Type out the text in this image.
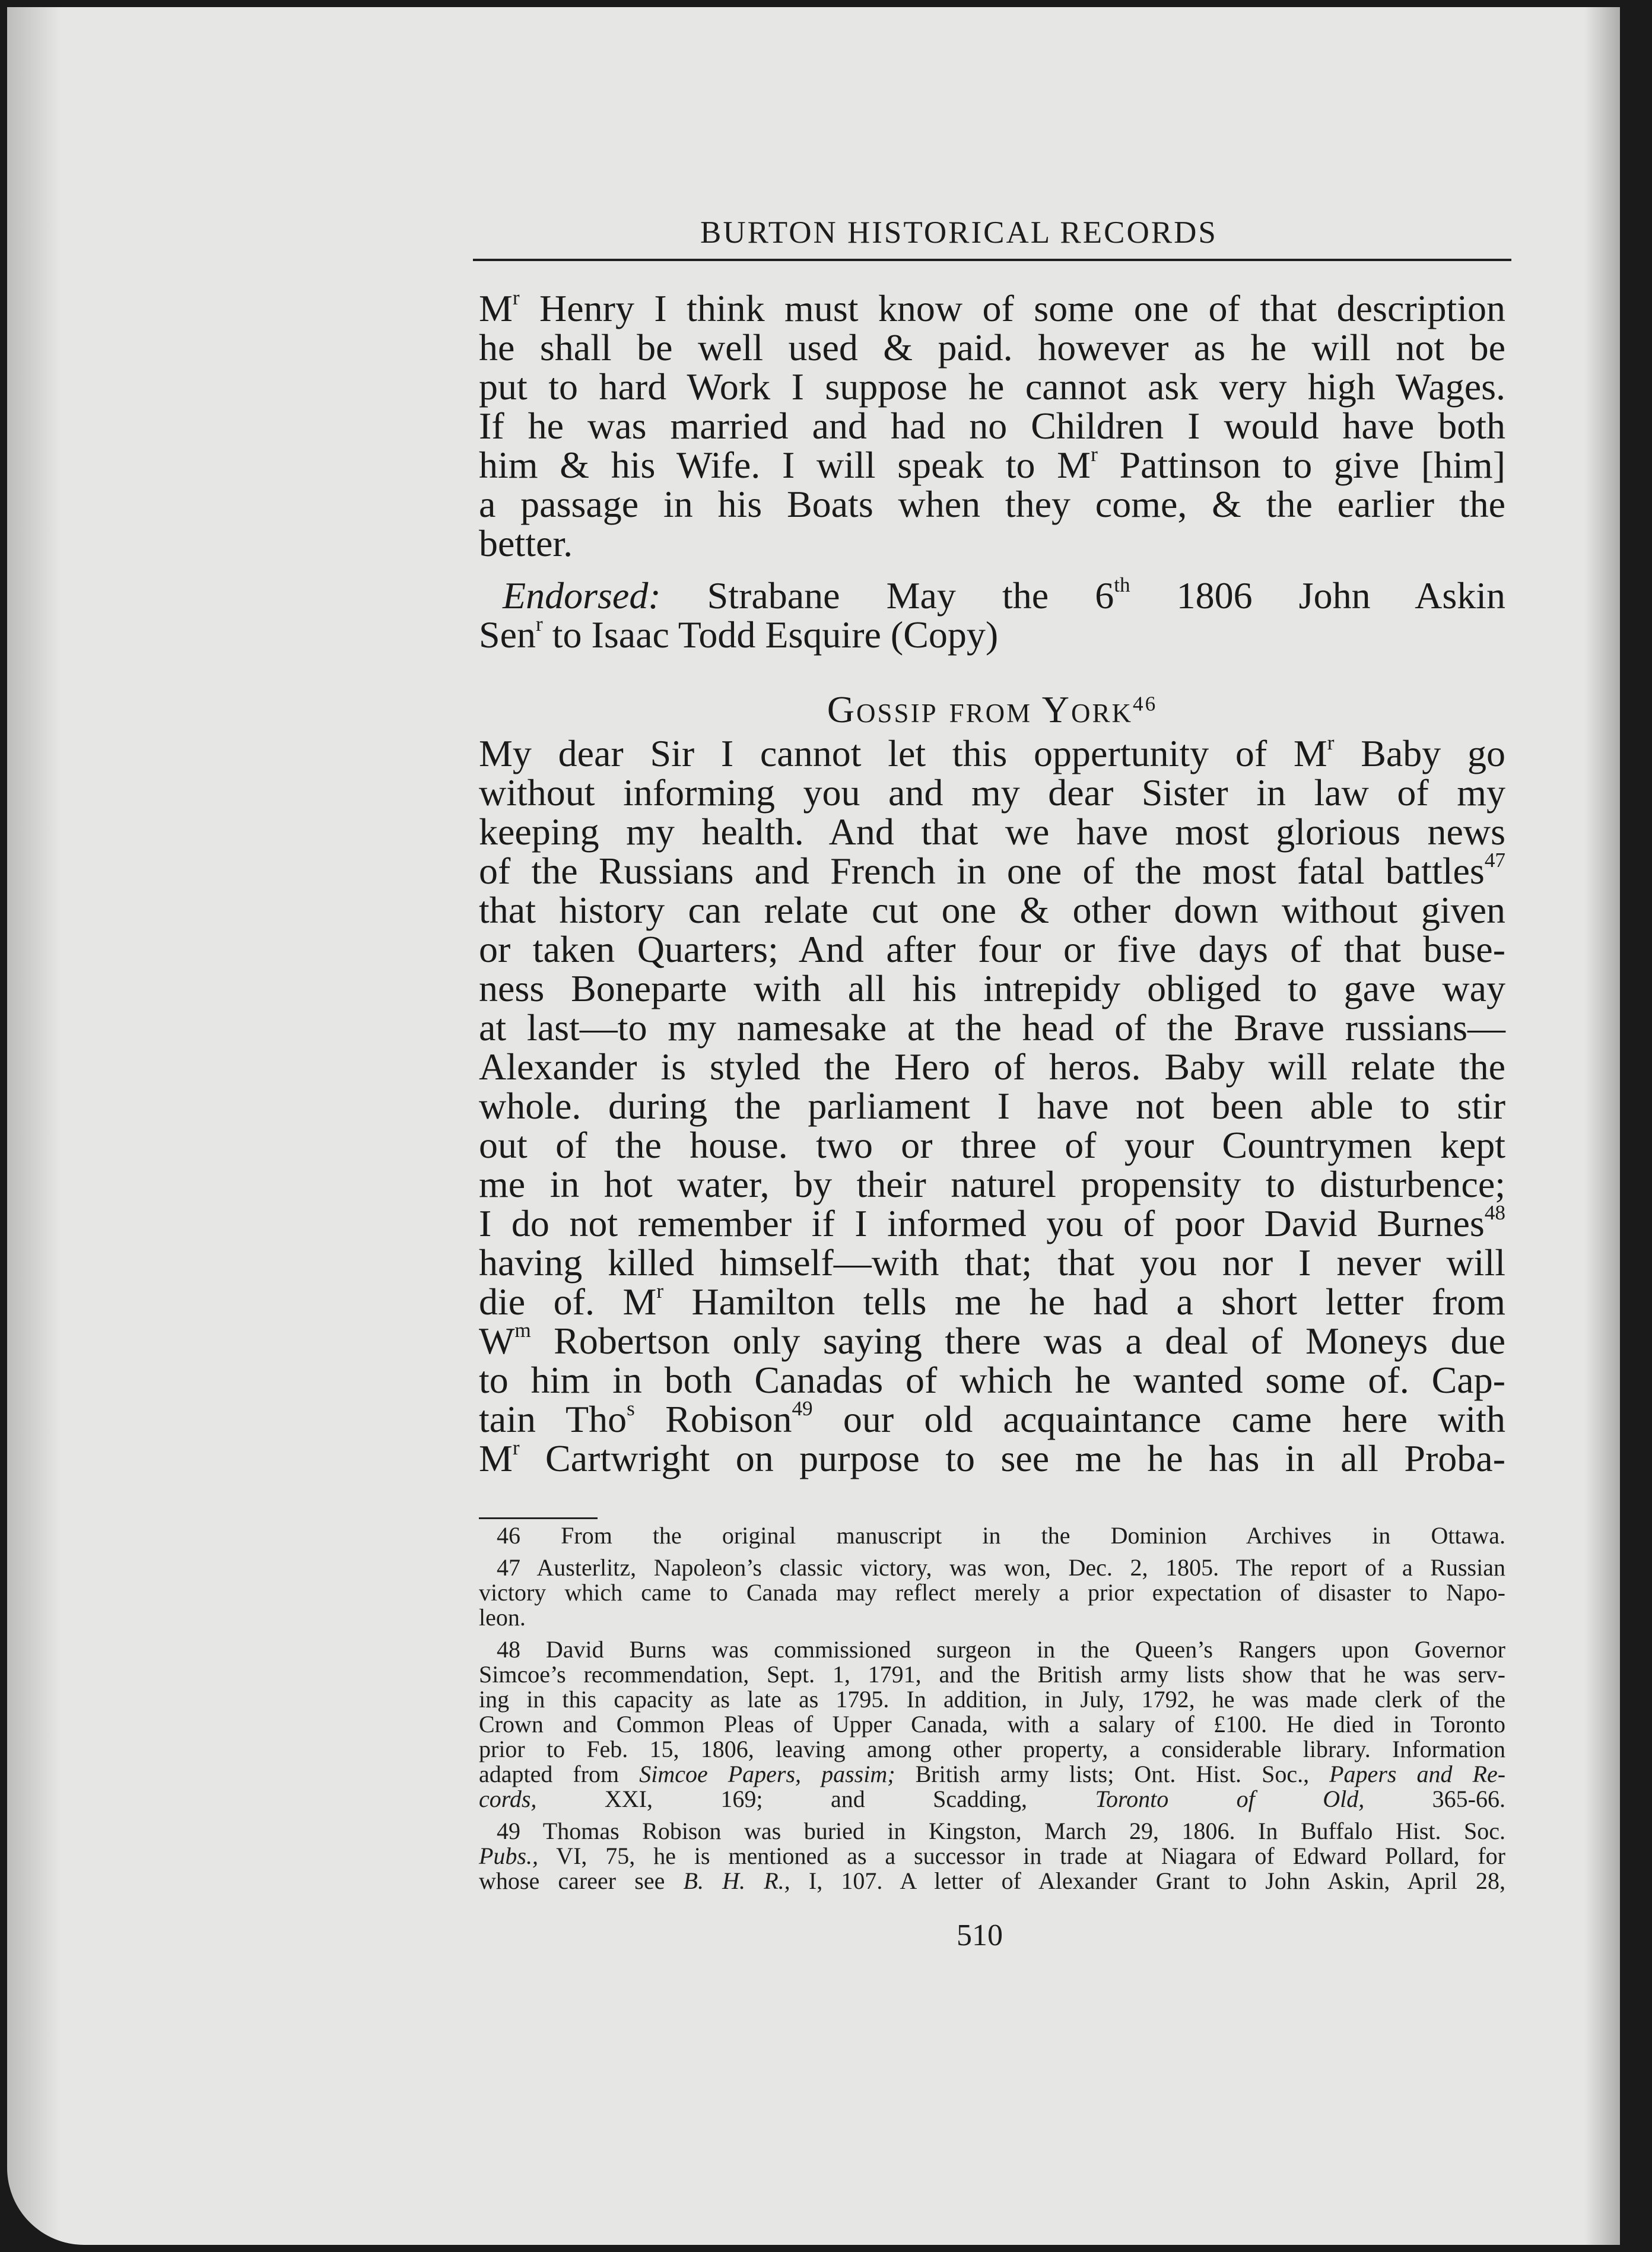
BURTON HISTORICAL RECORDS

$M^r$ Henry I think must know of some one of that description
he shall be well used & paid. however as he will not be
put to hard Work I suppose he cannot ask very high Wages.
If he was married and had no Children I would have both
him & his Wife. I will speak to $M^r$ Pattinson to give [him]
a passage in his Boats when they come, & the earlier the
better.

Endorsed: Strabane May the 6th 1806 John Askin
Sen$^r$ to Isaac Todd Esquire (Copy)

Gossip from York$^{46}$

My dear Sir I cannot let this oppertunity of $M^r$ Baby go
without informing you and my dear Sister in law of my
keeping my health. And that we have most glorious news
of the Russians and French in one of the most fatal battles$^{47}$
that history can relate cut one & other down without given
or taken Quarters; And after four or five days of that buse-
ness Boneparte with all his intrepidy obliged to gave way
at last—to my namesake at the head of the Brave russians—
Alexander is styled the Hero of heros. Baby will relate the
whole. during the parliament I have not been able to stir
out of the house. two or three of your Countrymen kept
me in hot water, by their naturel propensity to disturbence;
I do not remember if I informed you of poor David Burnes$^{48}$
having killed himself—with that; that you nor I never will
die of. $M^r$ Hamilton tells me he had a short letter from
$W^m$ Robertson only saying there was a deal of Moneys due
to him in both Canadas of which he wanted some of. Cap-
tain Tho$^s$ Robison$^{49}$ our old acquaintance came here with
$M^r$ Cartwright on purpose to see me he has in all Proba-

46 From the original manuscript in the Dominion Archives in Ottawa.

47 Austerlitz, Napoleon’s classic victory, was won, Dec. 2, 1805. The report of a Russian
victory which came to Canada may reflect merely a prior expectation of disaster to Napo-
leon.

48 David Burns was commissioned surgeon in the Queen’s Rangers upon Governor
Simcoe’s recommendation, Sept. 1, 1791, and the British army lists show that he was serv-
ing in this capacity as late as 1795. In addition, in July, 1792, he was made clerk of the
Crown and Common Pleas of Upper Canada, with a salary of £100. He died in Toronto
prior to Feb. 15, 1806, leaving among other property, a considerable library. Information
adapted from Simcoe Papers, passim; British army lists; Ont. Hist. Soc., Papers and Re-
cords, XXI, 169; and Scadding, Toronto of Old, 365-66.

49 Thomas Robison was buried in Kingston, March 29, 1806. In Buffalo Hist. Soc.
Pubs., VI, 75, he is mentioned as a successor in trade at Niagara of Edward Pollard, for
whose career see B. H. R., I, 107. A letter of Alexander Grant to John Askin, April 28,

510
